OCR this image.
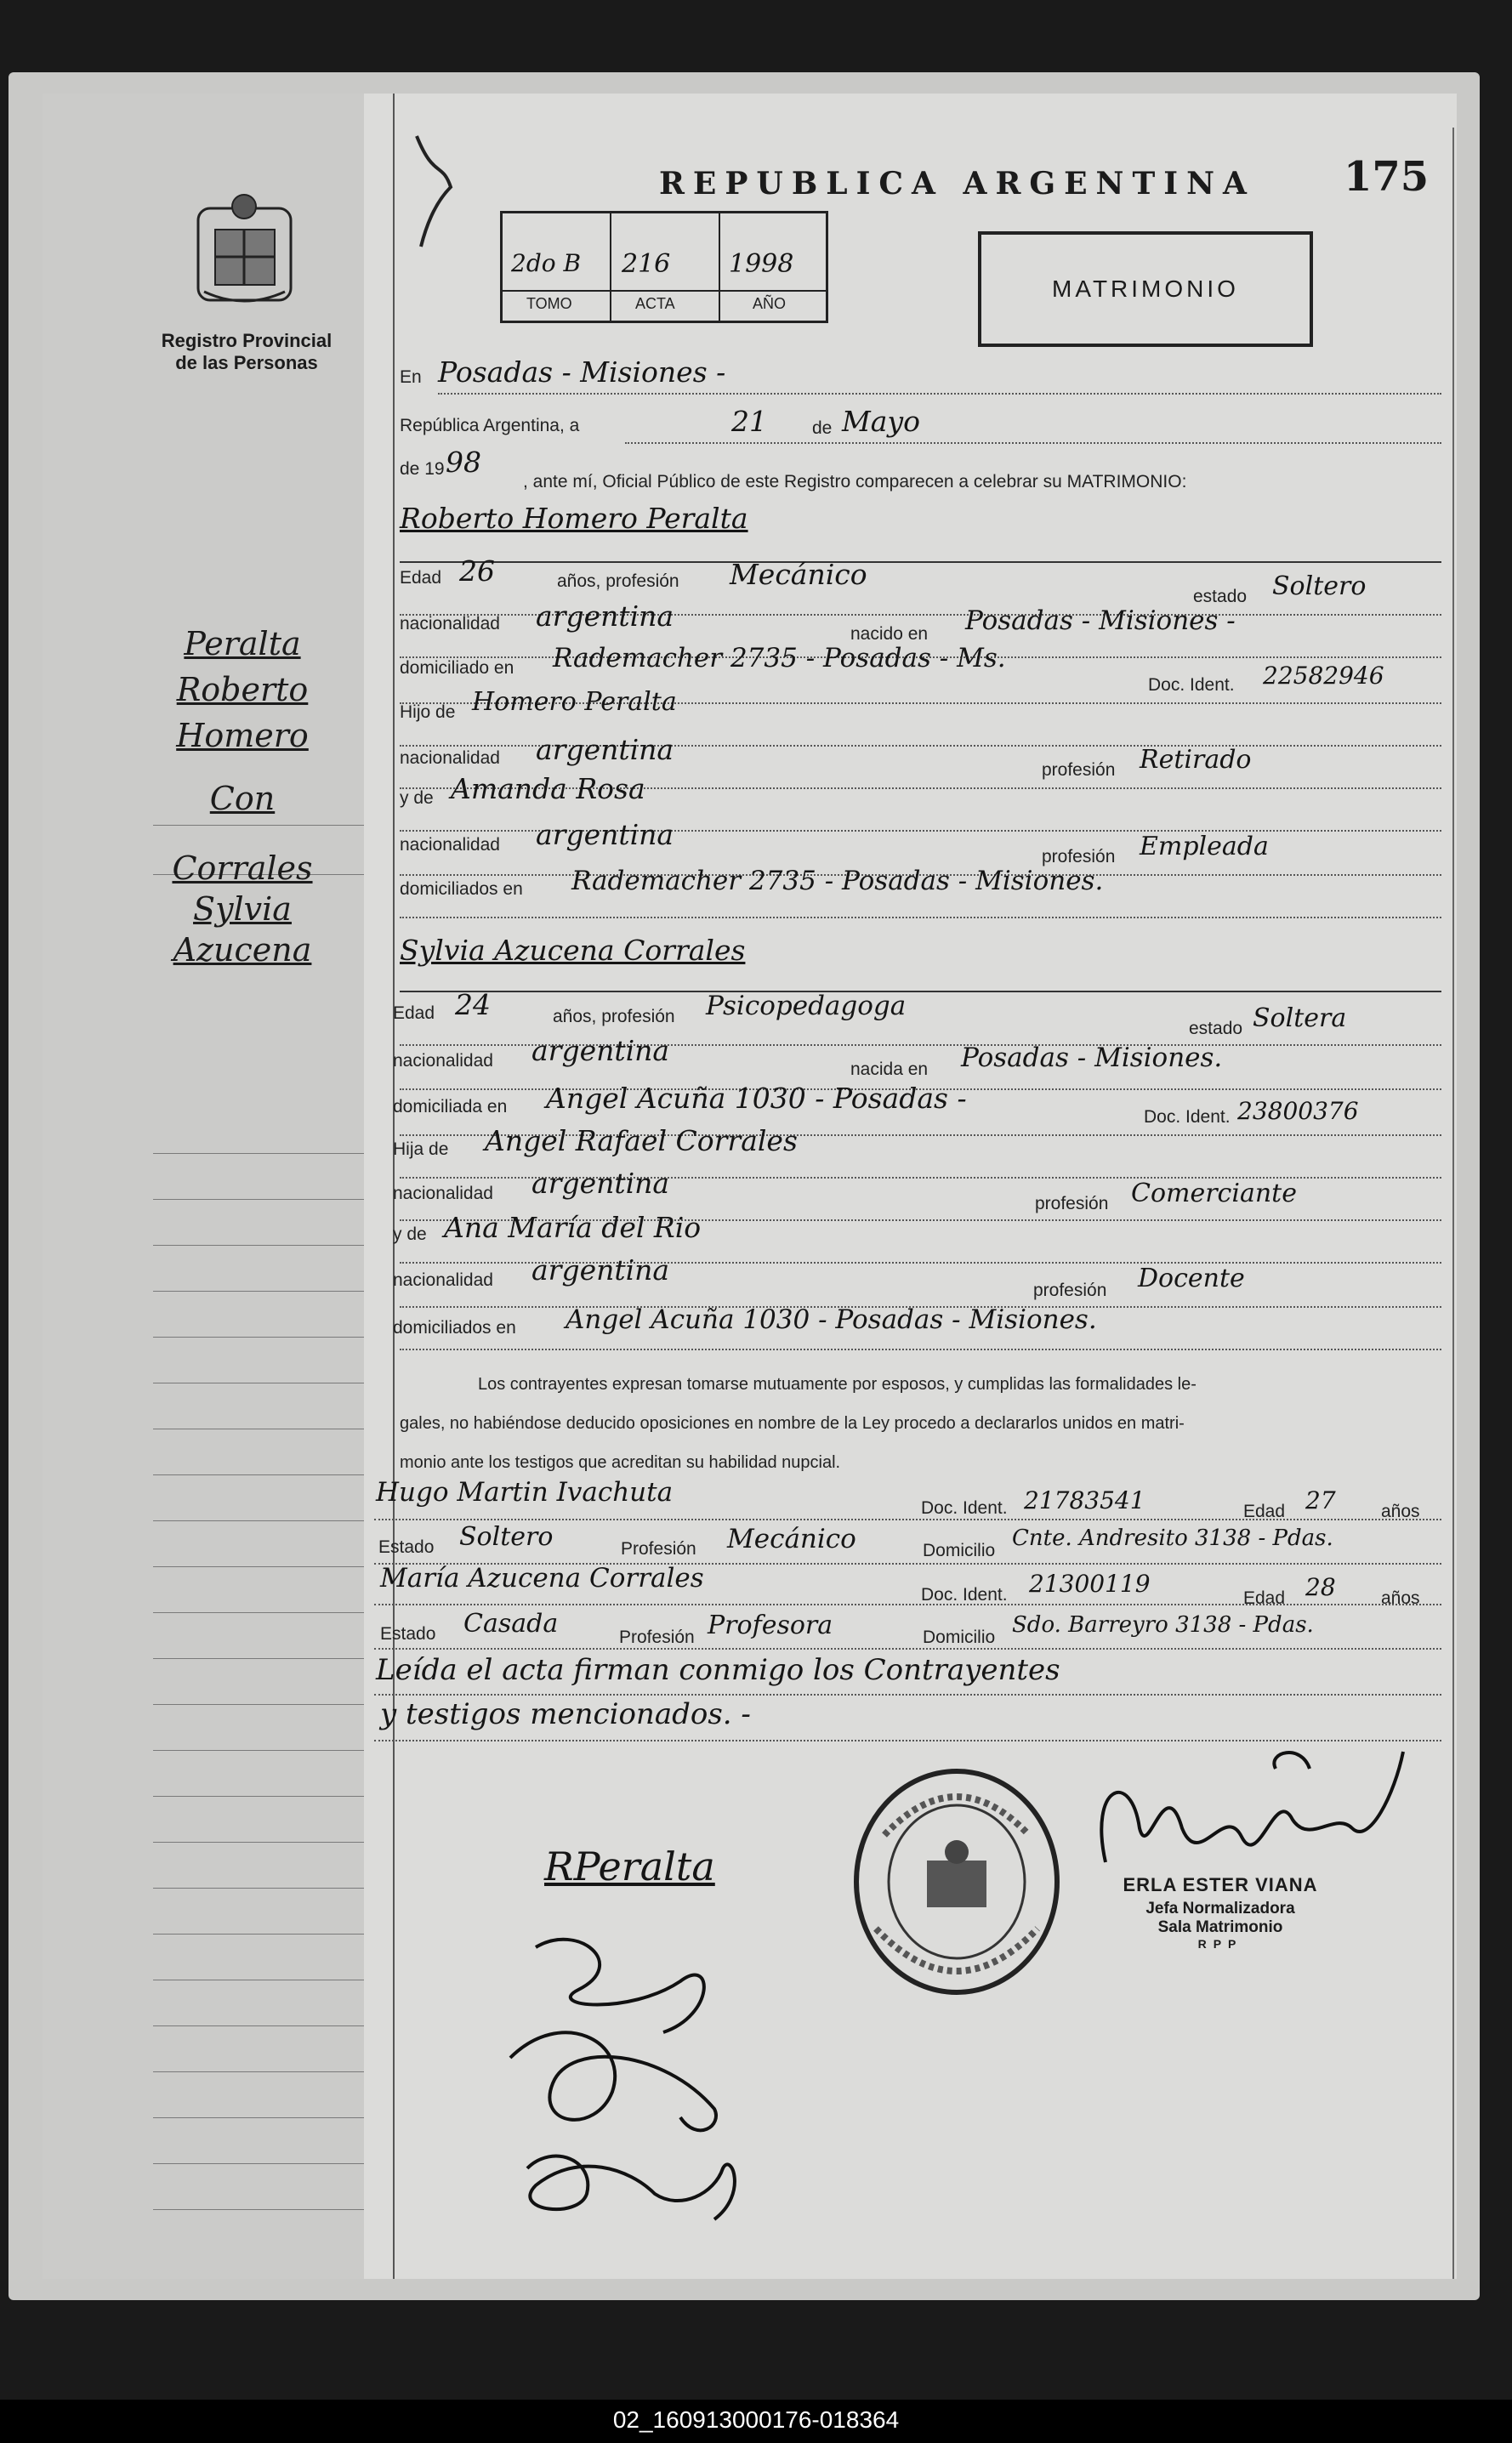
Registro Provincial
de las Personas
REPUBLICA ARGENTINA 175
2do B 216 1998
TOMO	ACTA	AÑO
MATRIMONIO
Peralta
Roberto
Homero
Con
Corrales
Sylvia
Azucena
En Posadas - Misiones -
República Argentina, a	21	de Mayo
de 19 98
, ante mí, Oficial Público de este Registro comparecen a celebrar su MATRIMONIO:
Roberto Homero Peralta
Edad 26	años, profesión Mecánico
estado Soltero
nacionalidad argentina
nacido en Posadas - Misiones -
domiciliado en Rademacher 2735 - Posadas - Ms.
Doc. Ident. 22582946
Hijo de Homero Peralta
nacionalidad argentina
profesión Retirado
y de Amanda Rosa
nacionalidad argentina
profesión Empleada
domiciliados en Rademacher 2735 - Posadas - Misiones.
Sylvia Azucena Corrales
Edad 24	años, profesión Psicopedagoga
estado Soltera
nacionalidad argentina
nacida en Posadas - Misiones.
domiciliada en Angel Acuña 1030 - Posadas -
Doc. Ident. 23800376
Hija de Angel Rafael Corrales
nacionalidad argentina
profesión Comerciante
y de Ana María del Rio
nacionalidad argentina
profesión Docente
domiciliados en Angel Acuña 1030 - Posadas - Misiones.
Los contrayentes expresan tomarse mutuamente por esposos, y cumplidas las formalidades le-
gales, no habiéndose deducido oposiciones en nombre de la Ley procedo a declararlos unidos en matri-
monio ante los testigos que acreditan su habilidad nupcial.
Hugo Martin Ivachuta
Doc. Ident. 21783541	Edad 27	años
Estado Soltero	Profesión Mecánico	Domicilio Cnte. Andresito 3138 - Pdas.
María Azucena Corrales
Doc. Ident. 21300119
Edad 28	años
Estado Casada	Profesión Profesora	Domicilio Sdo. Barreyro 3138 - Pdas.
Leída el acta firman conmigo los Contrayentes
y testigos mencionados. -
RPeralta	ERLA ESTER VIANA
Jefa Normalizadora
Sala Matrimonio
RPP
02_160913000176-018364
